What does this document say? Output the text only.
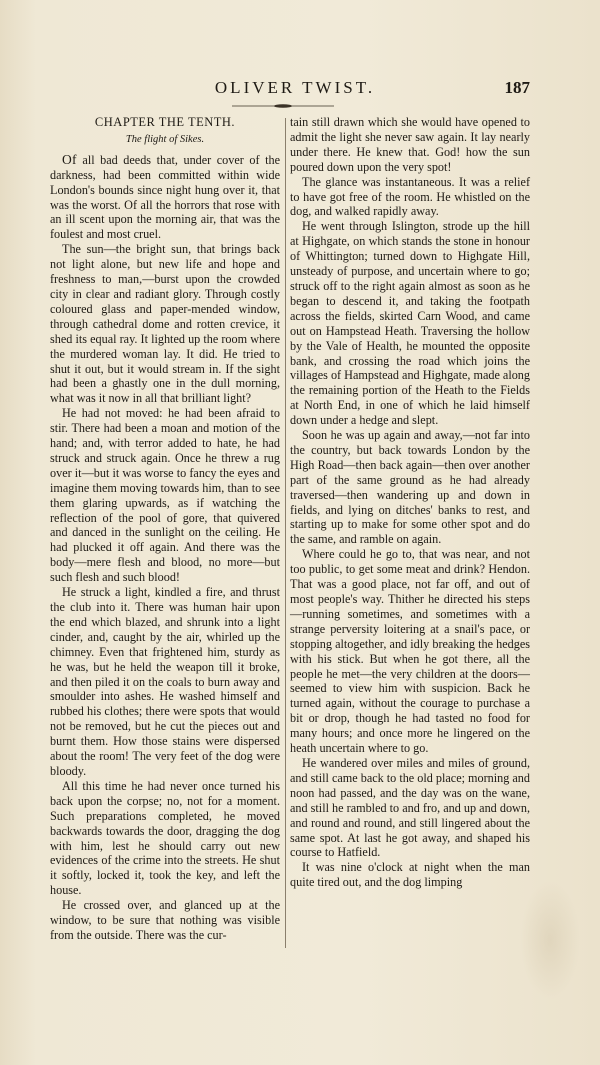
OLIVER TWIST.	187
CHAPTER THE TENTH.
The flight of Sikes.

Of all bad deeds that, under cover of the darkness, had been committed within wide London's bounds since night hung over it, that was the worst. Of all the horrors that rose with an ill scent upon the morning air, that was the foulest and most cruel.

The sun—the bright sun, that brings back not light alone, but new life and hope and freshness to man,—burst upon the crowded city in clear and radiant glory. Through costly coloured glass and paper-mended window, through cathedral dome and rotten crevice, it shed its equal ray. It lighted up the room where the murdered woman lay. It did. He tried to shut it out, but it would stream in. If the sight had been a ghastly one in the dull morning, what was it now in all that brilliant light?

He had not moved: he had been afraid to stir. There had been a moan and motion of the hand; and, with terror added to hate, he had struck and struck again. Once he threw a rug over it—but it was worse to fancy the eyes and imagine them moving towards him, than to see them glaring upwards, as if watching the reflection of the pool of gore, that quivered and danced in the sunlight on the ceiling. He had plucked it off again. And there was the body—mere flesh and blood, no more—but such flesh and such blood!

He struck a light, kindled a fire, and thrust the club into it. There was human hair upon the end which blazed, and shrunk into a light cinder, and, caught by the air, whirled up the chimney. Even that frightened him, sturdy as he was, but he held the weapon till it broke, and then piled it on the coals to burn away and smoulder into ashes. He washed himself and rubbed his clothes; there were spots that would not be removed, but he cut the pieces out and burnt them. How those stains were dispersed about the room! The very feet of the dog were bloody.

All this time he had never once turned his back upon the corpse; no, not for a moment. Such preparations completed, he moved backwards towards the door, dragging the dog with him, lest he should carry out new evidences of the crime into the streets. He shut it softly, locked it, took the key, and left the house.

He crossed over, and glanced up at the window, to be sure that nothing was visible from the outside. There was the cur-

tain still drawn which she would have opened to admit the light she never saw again. It lay nearly under there. He knew that. God! how the sun poured down upon the very spot!

The glance was instantaneous. It was a relief to have got free of the room. He whistled on the dog, and walked rapidly away.

He went through Islington, strode up the hill at Highgate, on which stands the stone in honour of Whittington; turned down to Highgate Hill, unsteady of purpose, and uncertain where to go; struck off to the right again almost as soon as he began to descend it, and taking the footpath across the fields, skirted Carn Wood, and came out on Hampstead Heath. Traversing the hollow by the Vale of Health, he mounted the opposite bank, and crossing the road which joins the villages of Hampstead and Highgate, made along the remaining portion of the Heath to the Fields at North End, in one of which he laid himself down under a hedge and slept.

Soon he was up again and away,—not far into the country, but back towards London by the High Road—then back again—then over another part of the same ground as he had already traversed—then wandering up and down in fields, and lying on ditches' banks to rest, and starting up to make for some other spot and do the same, and ramble on again.

Where could he go to, that was near, and not too public, to get some meat and drink? Hendon. That was a good place, not far off, and out of most people's way. Thither he directed his steps—running sometimes, and sometimes with a strange perversity loitering at a snail's pace, or stopping altogether, and idly breaking the hedges with his stick. But when he got there, all the people he met—the very children at the doors—seemed to view him with suspicion. Back he turned again, without the courage to purchase a bit or drop, though he had tasted no food for many hours; and once more he lingered on the heath uncertain where to go.

He wandered over miles and miles of ground, and still came back to the old place; morning and noon had passed, and the day was on the wane, and still he rambled to and fro, and up and down, and round and round, and still lingered about the same spot. At last he got away, and shaped his course to Hatfield.

It was nine o'clock at night when the man quite tired out, and the dog limping
